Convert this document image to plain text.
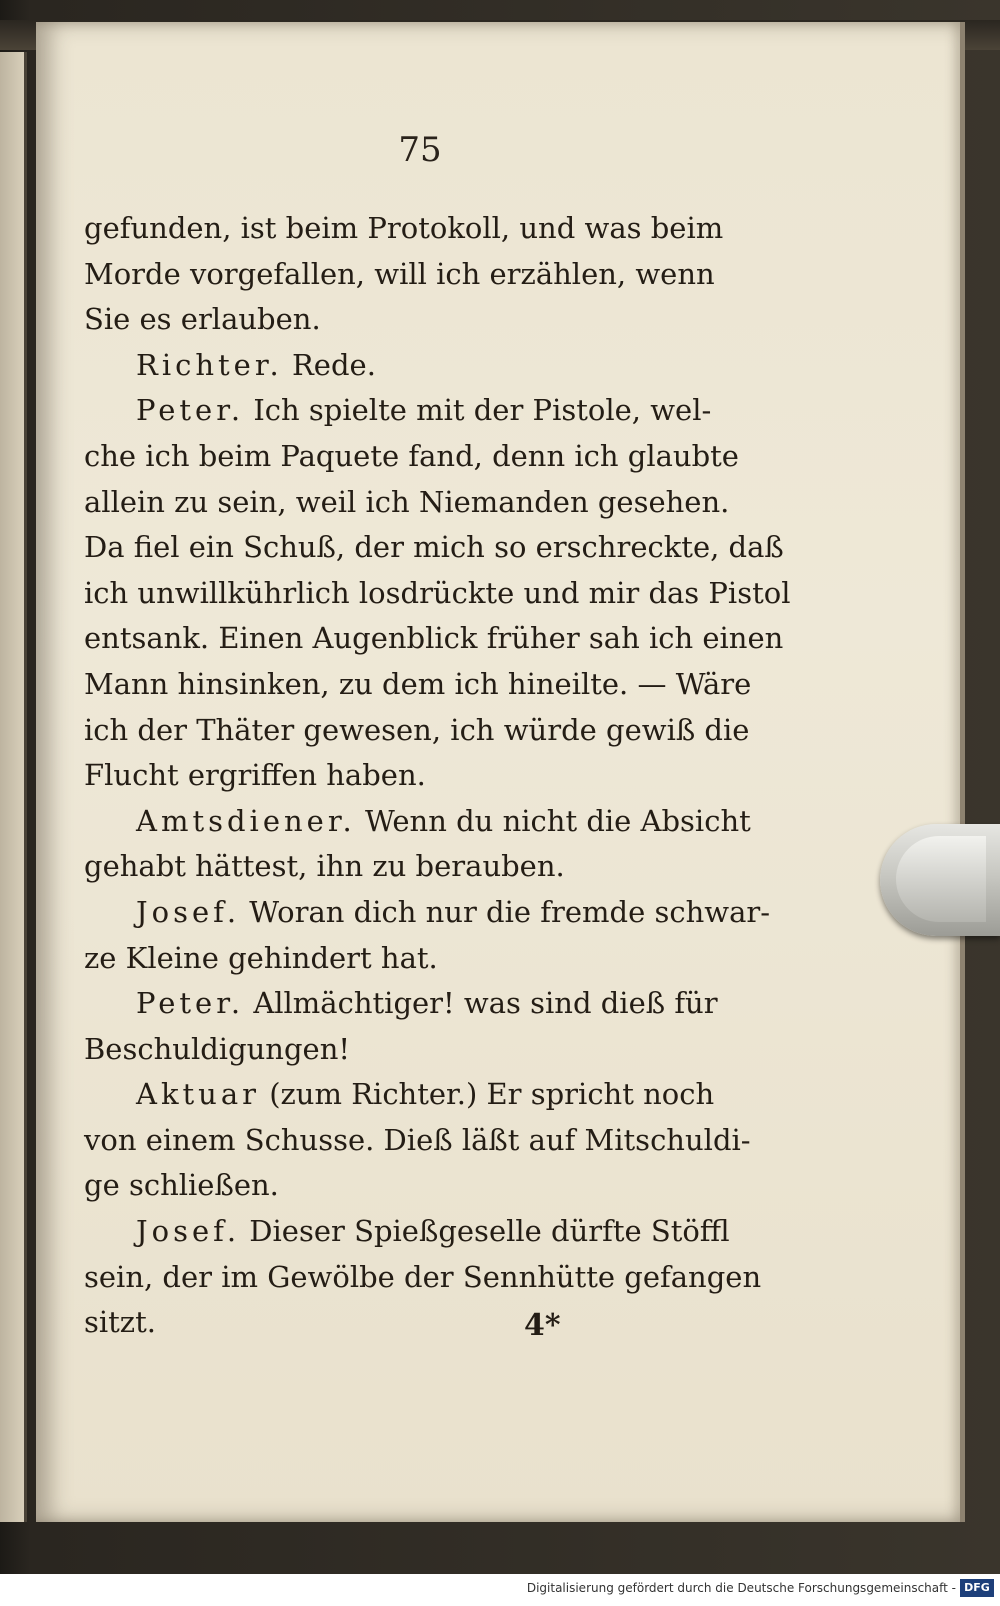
75
gefunden, ist beim Protokoll, und was beim
Morde vorgefallen, will ich erzählen, wenn
Sie es erlauben.
Richter. Rede.
Peter. Ich spielte mit der Pistole, wel-
che ich beim Paquete fand, denn ich glaubte
allein zu sein, weil ich Niemanden gesehen.
Da fiel ein Schuß, der mich so erschreckte, daß
ich unwillkührlich losdrückte und mir das Pistol
entsank. Einen Augenblick früher sah ich einen
Mann hinsinken, zu dem ich hineilte. — Wäre
ich der Thäter gewesen, ich würde gewiß die
Flucht ergriffen haben.
Amtsdiener. Wenn du nicht die Absicht
gehabt hättest, ihn zu berauben.
Josef. Woran dich nur die fremde schwar-
ze Kleine gehindert hat.
Peter. Allmächtiger! was sind dieß für
Beschuldigungen!
Aktuar (zum Richter.) Er spricht noch
von einem Schusse. Dieß läßt auf Mitschuldi-
ge schließen.
Josef. Dieser Spießgeselle dürfte Stöffl
sein, der im Gewölbe der Sennhütte gefangen
sitzt.	4*
Digitalisierung gefördert durch die Deutsche Forschungsgemeinschaft - DFG
